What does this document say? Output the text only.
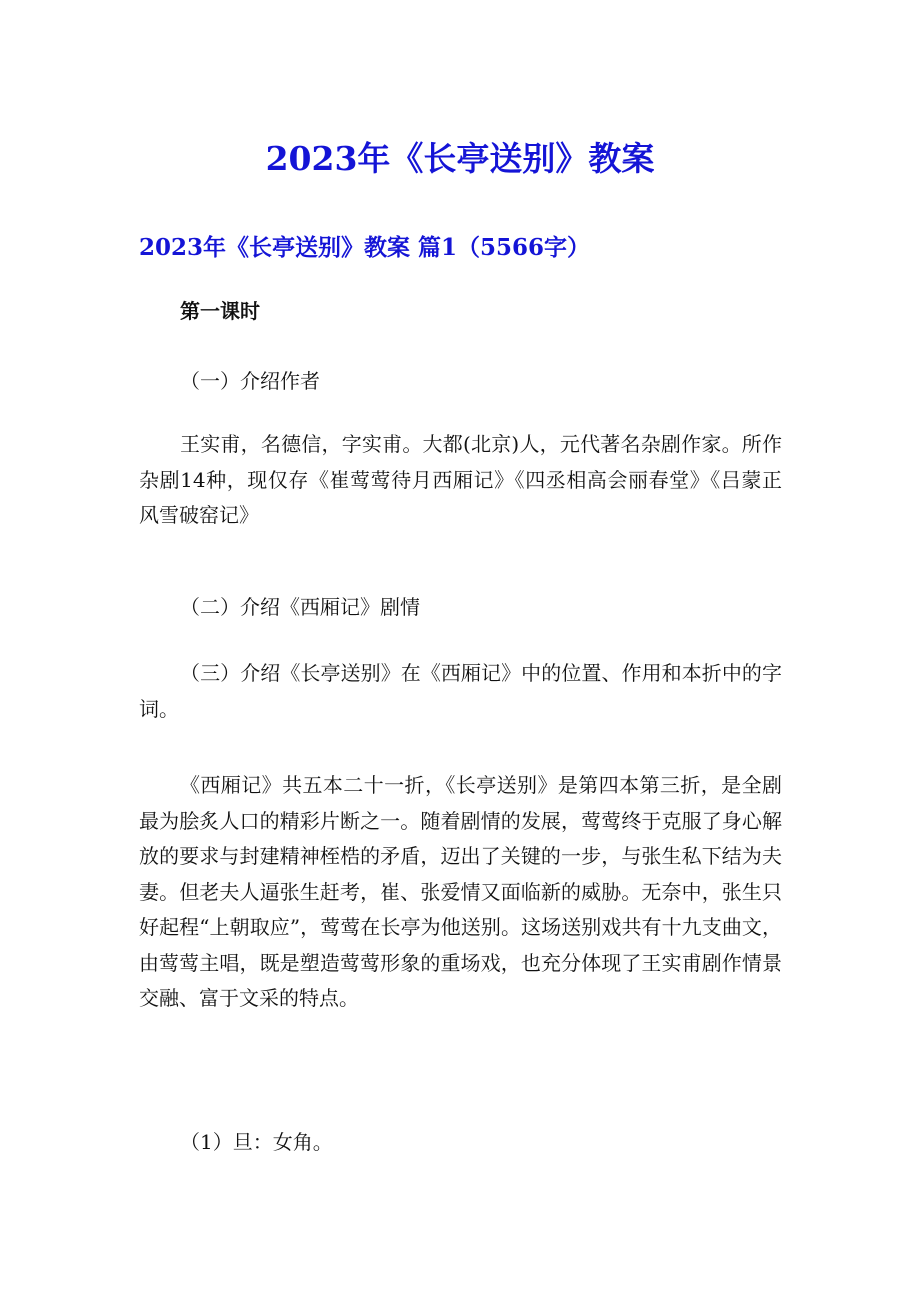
2023年《长亭送别》教案
2023年《长亭送别》教案 篇1（5566字）

第一课时

（一）介绍作者

王实甫，名德信，字实甫。大都(北京)人，元代著名杂剧作家。所作杂剧14种，现仅存《崔莺莺待月西厢记》《四丞相高会丽春堂》《吕蒙正风雪破窑记》

（二）介绍《西厢记》剧情

（三）介绍《长亭送别》在《西厢记》中的位置、作用和本折中的字词。

《西厢记》共五本二十一折，《长亭送别》是第四本第三折，是全剧最为脍炙人口的精彩片断之一。随着剧情的发展，莺莺终于克服了身心解放的要求与封建精神桎梏的矛盾，迈出了关键的一步，与张生私下结为夫妻。但老夫人逼张生赶考，崔、张爱情又面临新的威胁。无奈中，张生只好起程“上朝取应”，莺莺在长亭为他送别。这场送别戏共有十九支曲文，由莺莺主唱，既是塑造莺莺形象的重场戏，也充分体现了王实甫剧作情景交融、富于文采的特点。

（1）旦：女角。
